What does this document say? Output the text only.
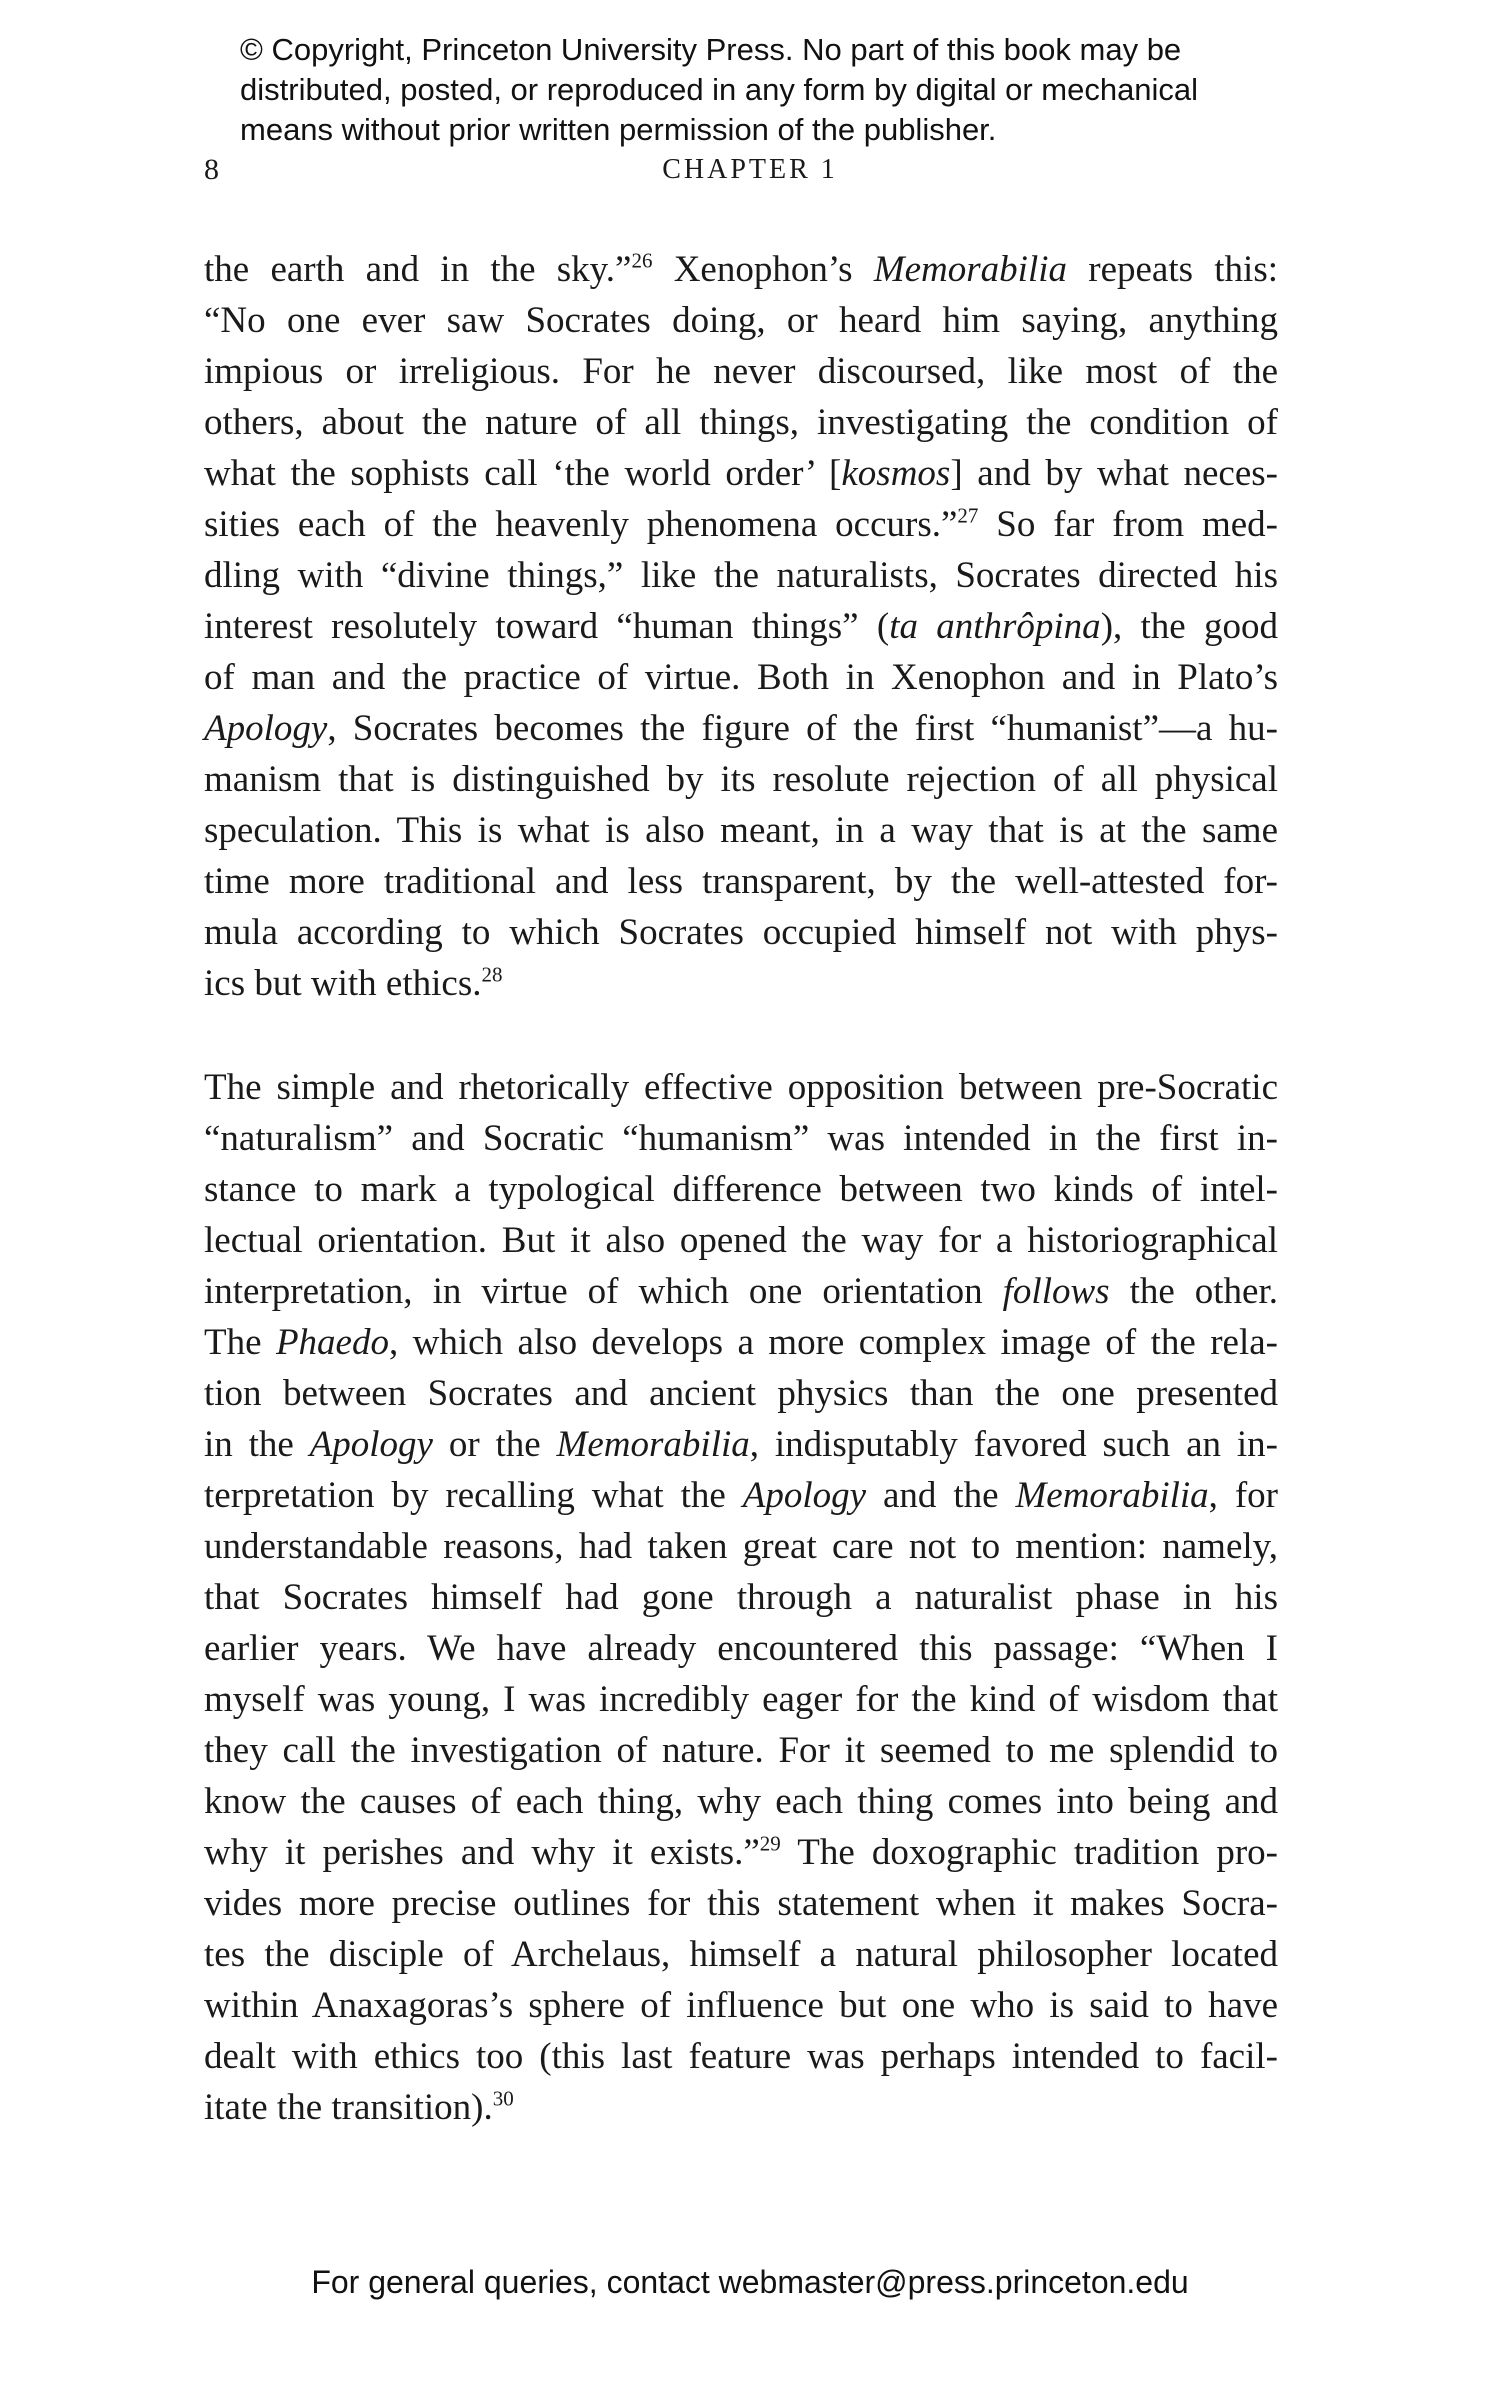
© Copyright, Princeton University Press. No part of this book may be
distributed, posted, or reproduced in any form by digital or mechanical
means without prior written permission of the publisher.
8	CHAPTER 1
the earth and in the sky.”$^{26}$ Xenophon’s Memorabilia repeats this:
“No one ever saw Socrates doing, or heard him saying, anything
impious or irreligious. For he never discoursed, like most of the
others, about the nature of all things, investigating the condition of
what the sophists call ‘the world order’ [kosmos] and by what neces-
sities each of the heavenly phenomena occurs.”$^{27}$ So far from med-
dling with “divine things,” like the naturalists, Socrates directed his
interest resolutely toward “human things” (ta anthrôpina), the good
of man and the practice of virtue. Both in Xenophon and in Plato’s
Apology, Socrates becomes the figure of the first “humanist”—a hu-
manism that is distinguished by its resolute rejection of all physical
speculation. This is what is also meant, in a way that is at the same
time more traditional and less transparent, by the well-attested for-
mula according to which Socrates occupied himself not with phys-
ics but with ethics.$^{28}$
The simple and rhetorically effective opposition between pre-Socratic
“naturalism” and Socratic “humanism” was intended in the first in-
stance to mark a typological difference between two kinds of intel-
lectual orientation. But it also opened the way for a historiographical
interpretation, in virtue of which one orientation follows the other.
The Phaedo, which also develops a more complex image of the rela-
tion between Socrates and ancient physics than the one presented
in the Apology or the Memorabilia, indisputably favored such an in-
terpretation by recalling what the Apology and the Memorabilia, for
understandable reasons, had taken great care not to mention: namely,
that Socrates himself had gone through a naturalist phase in his
earlier years. We have already encountered this passage: “When I
myself was young, I was incredibly eager for the kind of wisdom that
they call the investigation of nature. For it seemed to me splendid to
know the causes of each thing, why each thing comes into being and
why it perishes and why it exists.”$^{29}$ The doxographic tradition pro-
vides more precise outlines for this statement when it makes Socra-
tes the disciple of Archelaus, himself a natural philosopher located
within Anaxagoras’s sphere of influence but one who is said to have
dealt with ethics too (this last feature was perhaps intended to facil-
itate the transition).$^{30}$
For general queries, contact webmaster@press.princeton.edu
